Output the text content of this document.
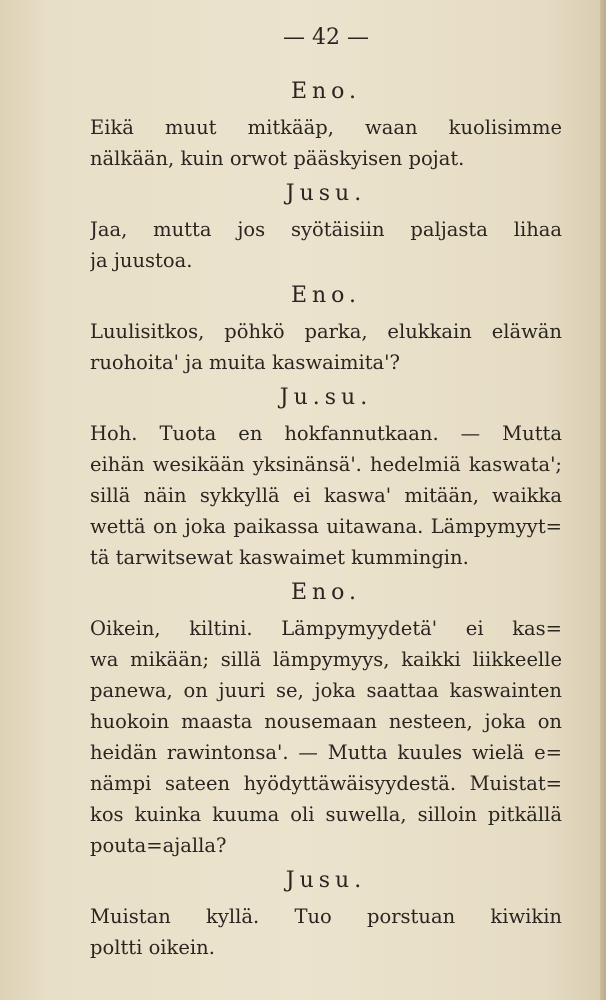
— 42 —
Eno.
Eikä muut mitkääp, waan kuolisimme
nälkään, kuin orwot pääskyisen pojat.
Jusu.
Jaa, mutta jos syötäisiin paljasta lihaa
ja juustoa.
Eno.
Luulisitkos, pöhkö parka, elukkain eläwän
ruohoita' ja muita kaswaimita'?
Ju.su.
Hoh. Tuota en hokfannutkaan. — Mutta
eihän wesikään yksinänsä'. hedelmiä kaswata';
sillä näin sykkyllä ei kaswa' mitään, waikka
wettä on joka paikassa uitawana. Lämpymyyt=
tä tarwitsewat kaswaimet kummingin.
Eno.
Oikein, kiltini. Lämpymyydetä' ei kas=
wa mikään; sillä lämpymyys, kaikki liikkeelle
panewa, on juuri se, joka saattaa kaswainten
huokoin maasta nousemaan nesteen, joka on
heidän rawintonsa'. — Mutta kuules wielä e=
nämpi sateen hyödyttäwäisyydestä. Muistat=
kos kuinka kuuma oli suwella, silloin pitkällä
pouta=ajalla?
Jusu.
Muistan kyllä. Tuo porstuan kiwikin
poltti oikein.
